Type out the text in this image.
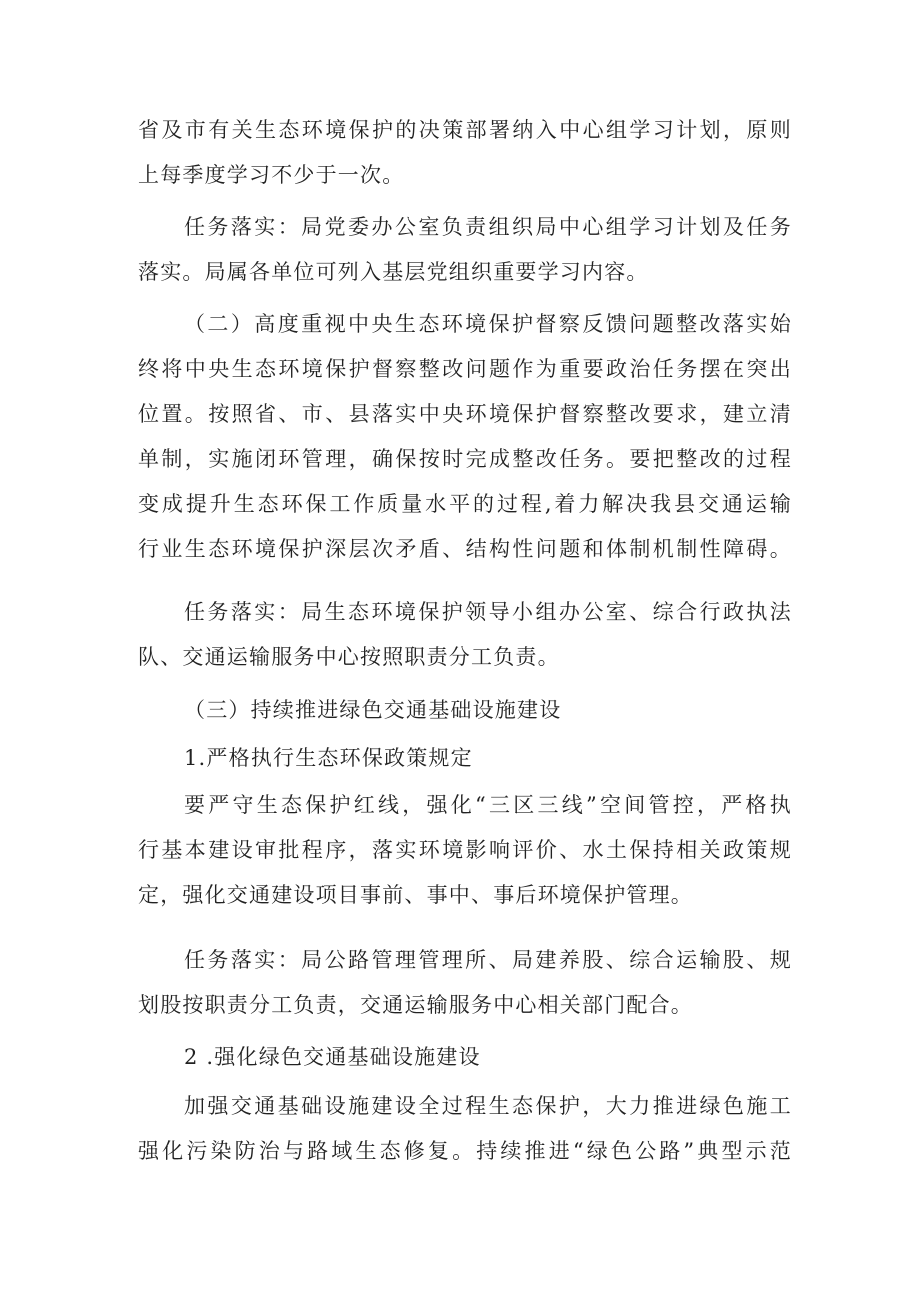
省及市有关生态环境保护的决策部署纳入中心组学习计划，原则
上每季度学习不少于一次。
任务落实：局党委办公室负责组织局中心组学习计划及任务
落实。局属各单位可列入基层党组织重要学习内容。
（二）高度重视中央生态环境保护督察反馈问题整改落实始
终将中央生态环境保护督察整改问题作为重要政治任务摆在突出
位置。按照省、市、县落实中央环境保护督察整改要求，建立清
单制，实施闭环管理，确保按时完成整改任务。要把整改的过程
变成提升生态环保工作质量水平的过程,着力解决我县交通运输
行业生态环境保护深层次矛盾、结构性问题和体制机制性障碍。
任务落实：局生态环境保护领导小组办公室、综合行政执法
队、交通运输服务中心按照职责分工负责。
（三）持续推进绿色交通基础设施建设
1.严格执行生态环保政策规定
要严守生态保护红线，强化“三区三线”空间管控，严格执
行基本建设审批程序，落实环境影响评价、水土保持相关政策规
定，强化交通建设项目事前、事中、事后环境保护管理。
任务落实：局公路管理管理所、局建养股、综合运输股、规
划股按职责分工负责，交通运输服务中心相关部门配合。
2 .强化绿色交通基础设施建设
加强交通基础设施建设全过程生态保护，大力推进绿色施工
强化污染防治与路域生态修复。持续推进“绿色公路”典型示范
